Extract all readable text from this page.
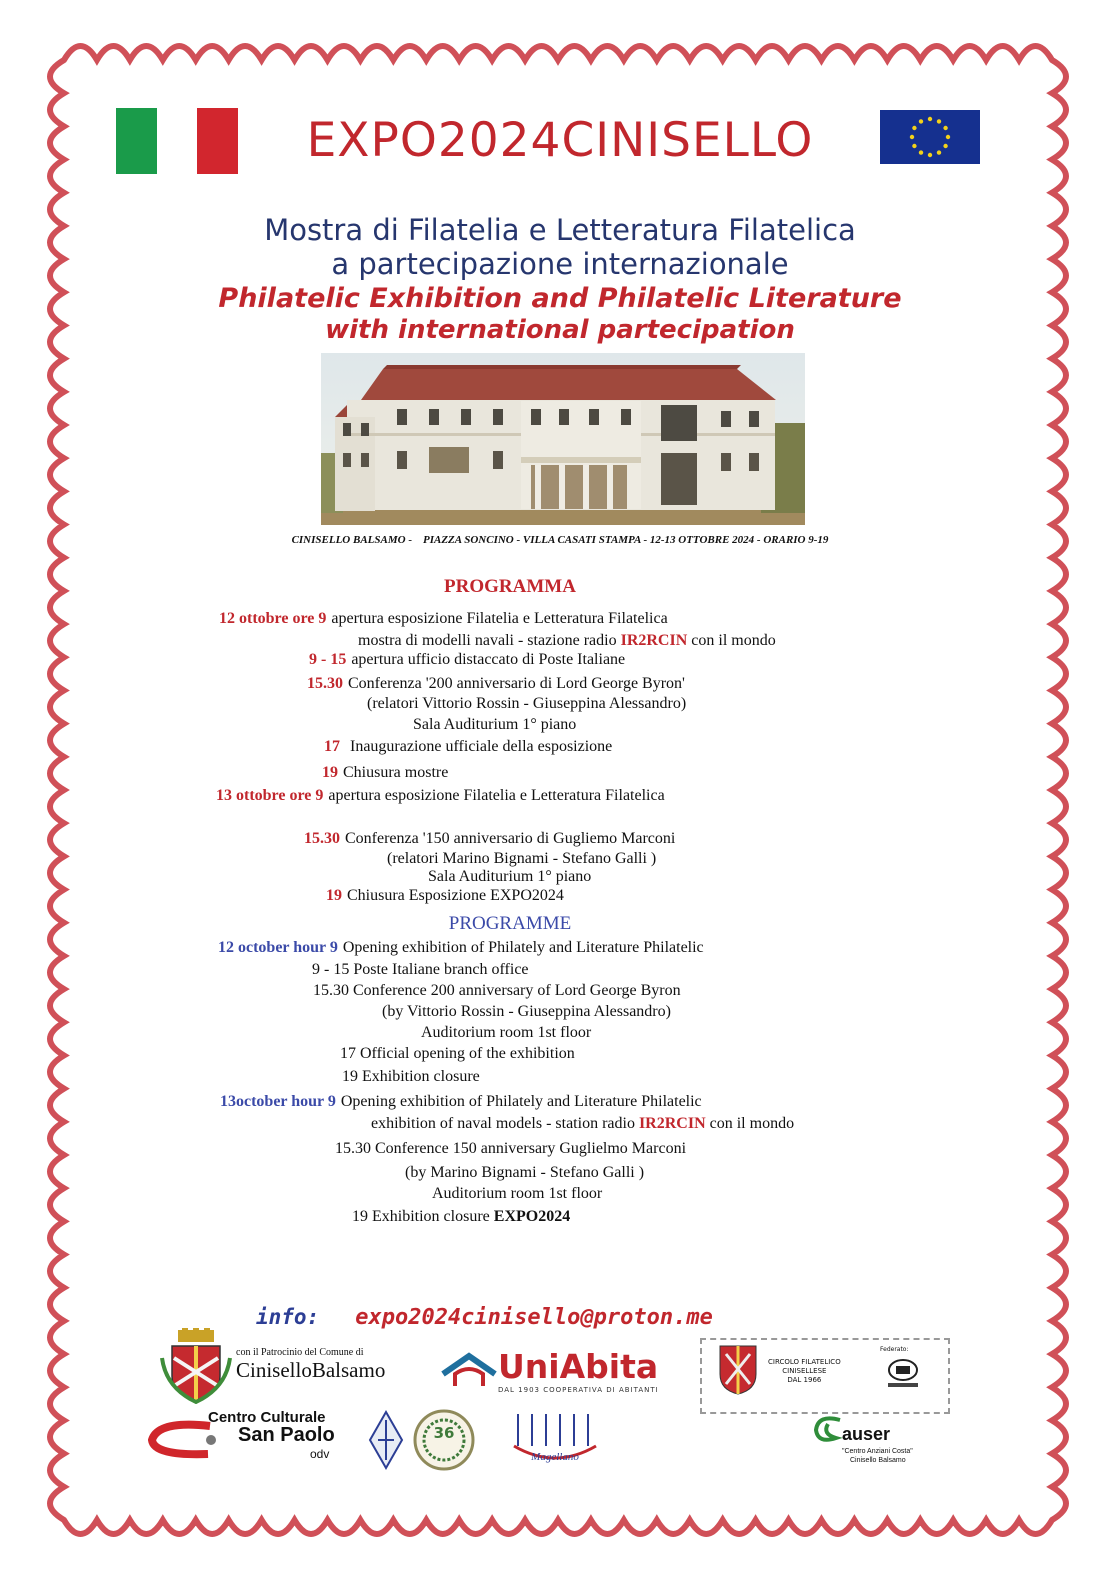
EXPO2024CINISELLO
Mostra di Filatelia e Letteratura Filatelica
a partecipazione internazionale
Philatelic Exhibition and Philatelic Literature
with international partecipation
CINISELLO BALSAMO -    PIAZZA SONCINO - VILLA CASATI STAMPA - 12-13 OTTOBRE 2024 - ORARIO 9-19
PROGRAMMA
12 ottobre ore 9 apertura esposizione Filatelia e Letteratura Filatelica
mostra di modelli navali - stazione radio IR2RCIN con il mondo
9 - 15 apertura ufficio distaccato di Poste Italiane
15.30 Conferenza '200 anniversario di Lord George Byron'
(relatori Vittorio Rossin - Giuseppina Alessandro)
Sala Auditurium 1° piano
17 Inaugurazione ufficiale della esposizione
19 Chiusura mostre
13 ottobre ore 9 apertura esposizione Filatelia e Letteratura Filatelica
15.30 Conferenza '150 anniversario di Gugliemo Marconi
(relatori Marino Bignami - Stefano Galli )
Sala Auditurium 1° piano
19 Chiusura Esposizione EXPO2024
PROGRAMME
12 october hour 9 Opening exhibition of Philately and Literature Philatelic
9 - 15 Poste Italiane branch office
15.30 Conference 200 anniversary of Lord George Byron
(by Vittorio Rossin - Giuseppina Alessandro)
Auditorium room 1st floor
17 Official opening of the exhibition
19 Exhibition closure
13october hour 9 Opening exhibition of Philately and Literature Philatelic
exhibition of naval models - station radio IR2RCIN con il mondo
15.30 Conference 150 anniversary Guglielmo Marconi
(by Marino Bignami - Stefano Galli )
Auditorium room 1st floor
19 Exhibition closure EXPO2024
info: expo2024cinisello@proton.me
con il Patrocinio del Comune di
CiniselloBalsamo	UniAbita
DAL 1903 COOPERATIVA DI ABITANTI
CIRCOLO FILATELICO
CINISELLESE
DAL 1966
Federato:
Centro Culturale
San Paolo
odv
36
Magellano
auser
"Centro Anziani Costa"
Cinisello Balsamo
